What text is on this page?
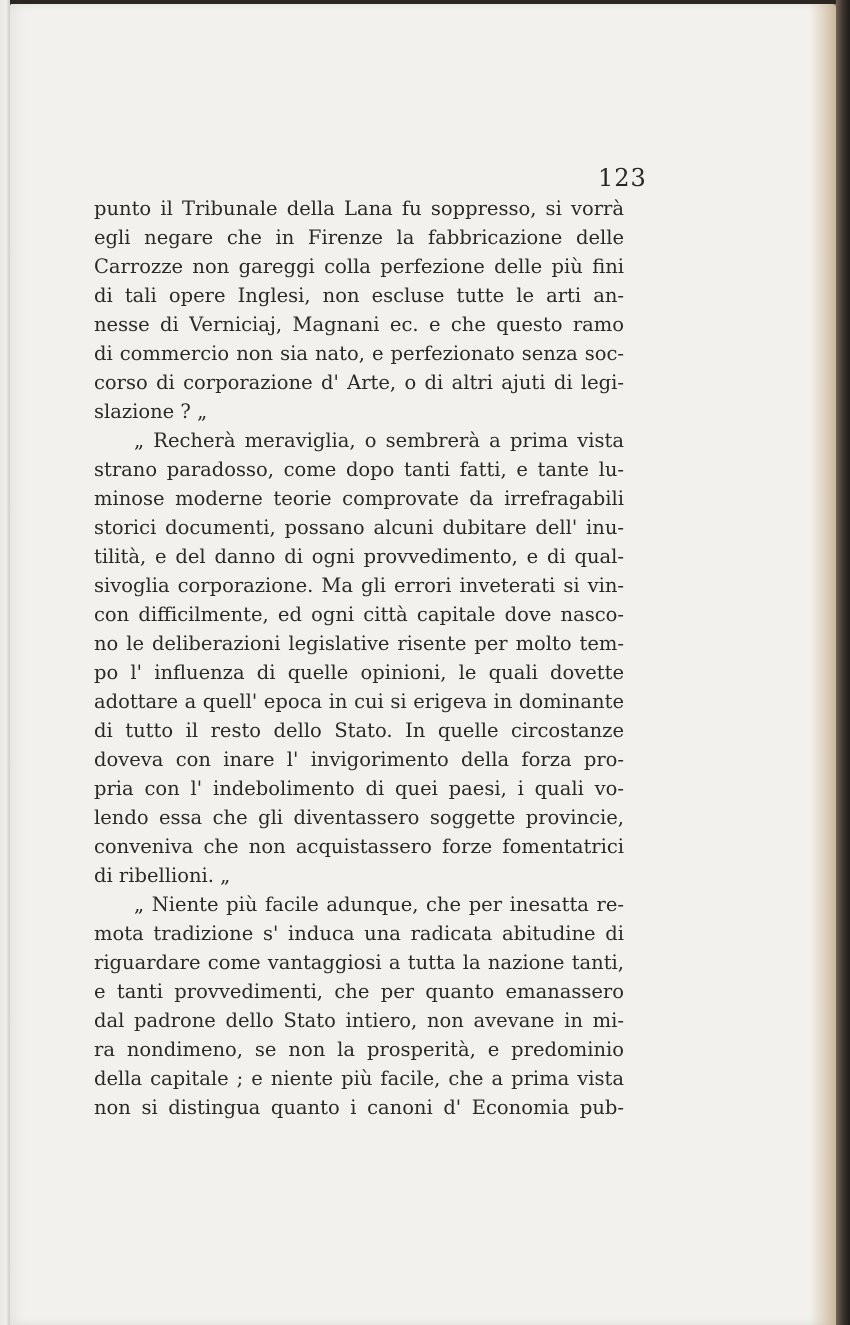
123
punto il Tribunale della Lana fu soppresso, si vorrà
egli negare che in Firenze la fabbricazione delle
Carrozze non gareggi colla perfezione delle più fini
di tali opere Inglesi, non escluse tutte le arti an-
nesse di Verniciaj, Magnani ec. e che questo ramo
di commercio non sia nato, e perfezionato senza soc-
corso di corporazione d' Arte, o di altri ajuti di legi-
slazione ? „
„ Recherà meraviglia, o sembrerà a prima vista
strano paradosso, come dopo tanti fatti, e tante lu-
minose moderne teorie comprovate da irrefragabili
storici documenti, possano alcuni dubitare dell' inu-
tilità, e del danno di ogni provvedimento, e di qual-
sivoglia corporazione. Ma gli errori inveterati si vin-
con difficilmente, ed ogni città capitale dove nasco-
no le deliberazioni legislative risente per molto tem-
po l' influenza di quelle opinioni, le quali dovette
adottare a quell' epoca in cui si erigeva in dominante
di tutto il resto dello Stato. In quelle circostanze
doveva con inare l' invigorimento della forza pro-
pria con l' indebolimento di quei paesi, i quali vo-
lendo essa che gli diventassero soggette provincie,
conveniva che non acquistassero forze fomentatrici
di ribellioni. „
„ Niente più facile adunque, che per inesatta re-
mota tradizione s' induca una radicata abitudine di
riguardare come vantaggiosi a tutta la nazione tanti,
e tanti provvedimenti, che per quanto emanassero
dal padrone dello Stato intiero, non avevane in mi-
ra nondimeno, se non la prosperità, e predominio
della capitale ; e niente più facile, che a prima vista
non si distingua quanto i canoni d' Economia pub-
